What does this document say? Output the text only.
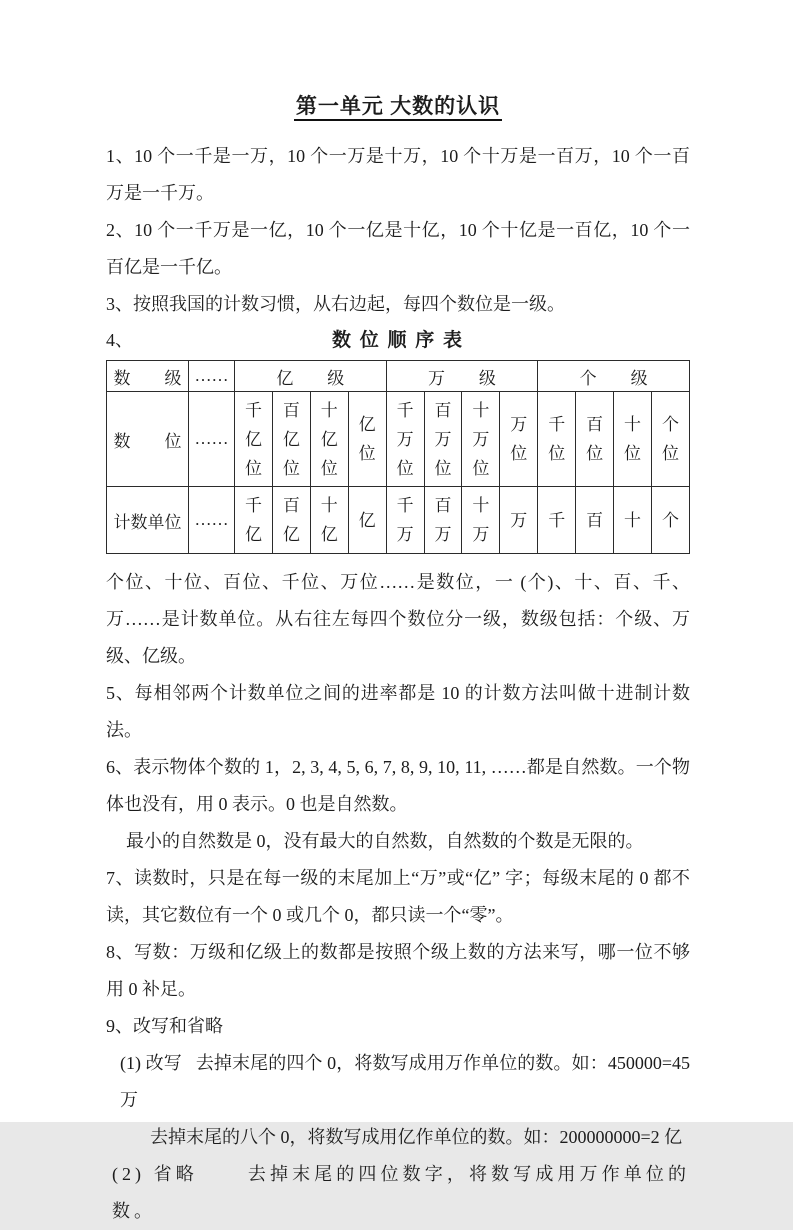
第一单元 大数的认识

1、10 个一千是一万，10 个一万是十万，10 个十万是一百万，10 个一百万是一千万。

2、10 个一千万是一亿，10 个一亿是十亿，10 个十亿是一百亿，10 个一百亿是一千亿。

3、按照我国的计数习惯，从右边起，每四个数位是一级。

4、	数 位 顺 序 表

数　　级	……	亿　　级				万　　级				个　　级			
数　　位	……	千亿位	百亿位	十亿位	亿位	千万位	百万位	十万位	万位	千位	百位	十位	个位
计数单位	……	千亿	百亿	十亿	亿	千万	百万	十万	万	千	百	十	个

个位、十位、百位、千位、万位……是数位，一 (个)、十、百、千、万……是计数单位。从右往左每四个数位分一级，数级包括：个级、万级、亿级。

5、每相邻两个计数单位之间的进率都是 10 的计数方法叫做十进制计数法。

6、表示物体个数的 1，2, 3, 4, 5, 6, 7, 8, 9, 10, 11, ……都是自然数。一个物体也没有，用 0 表示。0 也是自然数。

最小的自然数是 0，没有最大的自然数，自然数的个数是无限的。

7、读数时，只是在每一级的末尾加上“万”或“亿” 字；每级末尾的 0 都不读，其它数位有一个 0 或几个 0，都只读一个“零”。

8、写数：万级和亿级上的数都是按照个级上数的方法来写，哪一位不够用 0 补足。

9、改写和省略

(1) 改写 去掉末尾的四个 0，将数写成用万作单位的数。如：450000=45万

去掉末尾的八个 0，将数写成用亿作单位的数。如：200000000=2 亿

(2) 省略	去掉末尾的四位数字，将数写成用万作单位的数。
